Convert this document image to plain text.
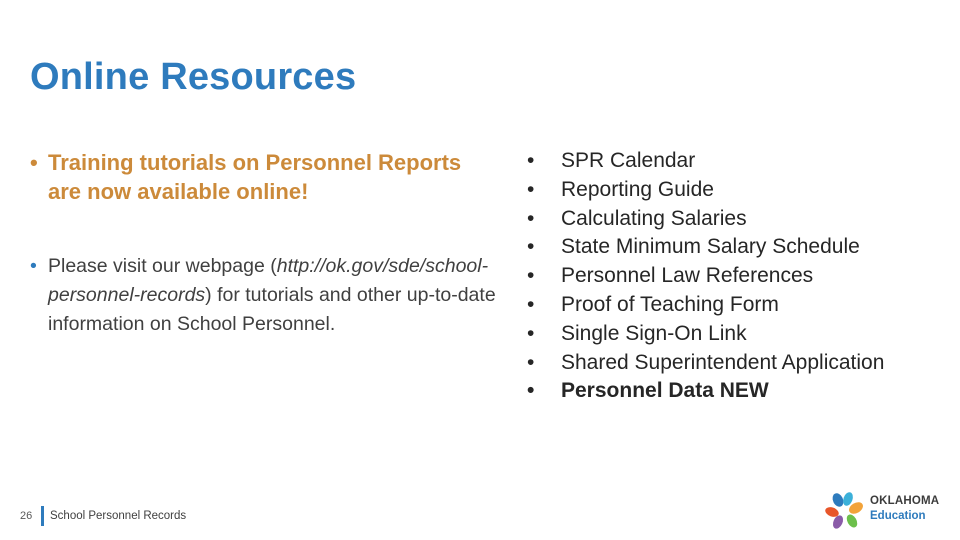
Online Resources
• Training tutorials on Personnel Reports are now available online!
• Please visit our webpage (http://ok.gov/sde/school-personnel-records) for tutorials and other up-to-date information on School Personnel.
• SPR Calendar
• Reporting Guide
• Calculating Salaries
• State Minimum Salary Schedule
• Personnel Law References
• Proof of Teaching Form
• Single Sign-On Link
• Shared Superintendent Application
• Personnel Data NEW
26	School Personnel Records
OKLAHOMA
Education
